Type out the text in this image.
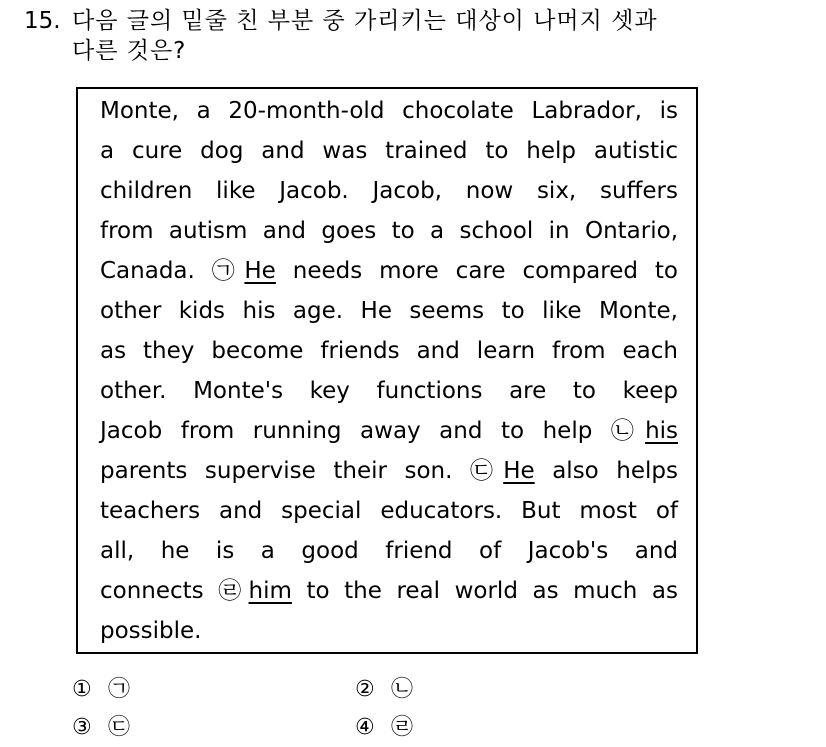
15. 다음 글의 밑줄 친 부분 중 가리키는 대상이 나머지 셋과
다른 것은?
Monte, a 20-month-old chocolate Labrador, is
a cure dog and was trained to help autistic
children like Jacob. Jacob, now six, suffers
from autism and goes to a school in Ontario,
Canada. ㉠He needs more care compared to
other kids his age. He seems to like Monte,
as they become friends and learn from each
other. Monte's key functions are to keep
Jacob from running away and to help ㉡his
parents supervise their son. ㉢He also helps
teachers and special educators. But most of
all, he is a good friend of Jacob's and
connects ㉣him to the real world as much as
possible.
① ㉠	② ㉡
③ ㉢	④ ㉣
